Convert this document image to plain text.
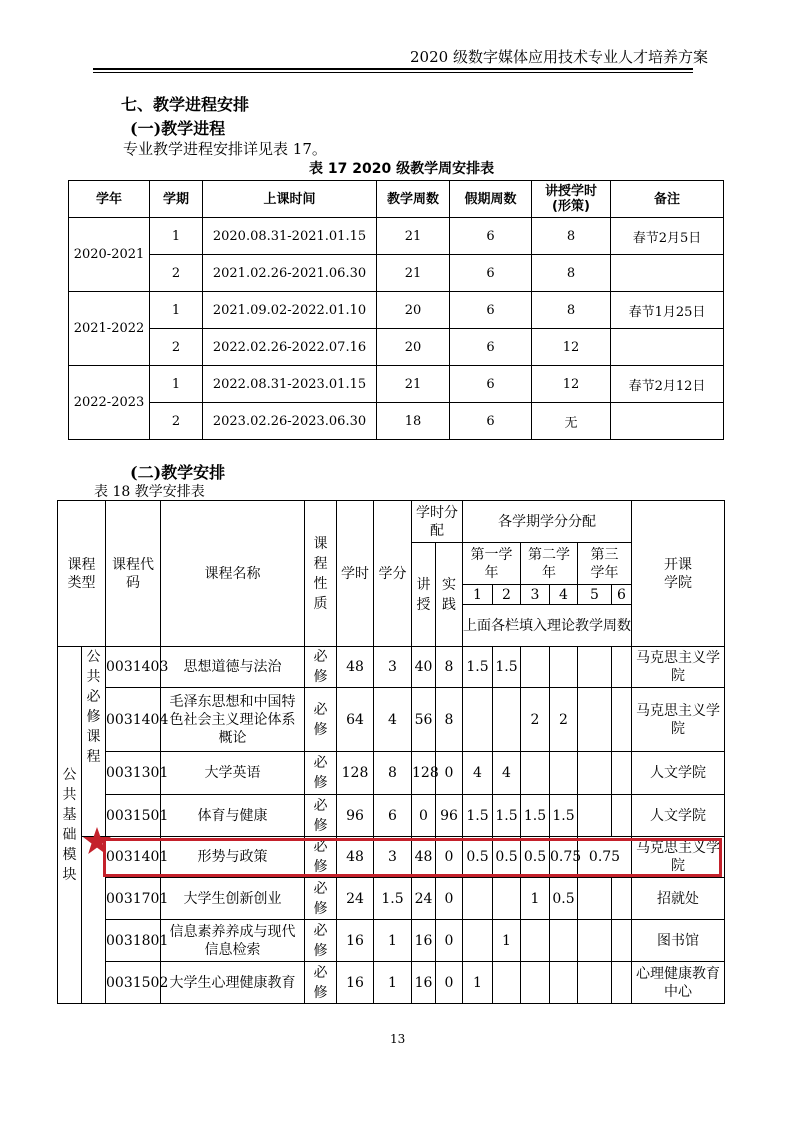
2020 级数字媒体应用技术专业人才培养方案
七、教学进程安排
(一)教学进程
专业教学进程安排详见表 17。
表 17 2020 级教学周安排表
学年	学期	上课时间	教学周数	假期周数	讲授学时
(形策)	备注
2020-2021	1	2020.08.31-2021.01.15	21	6	8	春节2月5日
	2	2021.02.26-2021.06.30	21	6	8	
2021-2022	1	2021.09.02-2022.01.10	20	6	8	春节1月25日
	2	2022.02.26-2022.07.16	20	6	12	
2022-2023	1	2022.08.31-2023.01.15	21	6	12	春节2月12日
	2	2023.02.26-2023.06.30	18	6	无	
(二)教学安排
表 18 教学安排表
课程类型		课程代码	课程名称	课程性质	学时	学分	学时分配		各学期学分分配						开课学院

							讲授	实践	第一学年		第二学年		第三学年		
									1	2	3	4	5	6	
									上面各栏填入理论教学周数						

公共基础模块	公共必修课程	0031403	思想道德与法治	必修	48	3	40	8	1.5	1.5					马克思主义学院
		0031404	毛泽东思想和中国特色社会主义理论体系概论	必修	64	4	56	8			2	2			马克思主义学院
		0031301	大学英语	必修	128	8	128	0	4	4					人文学院
		0031501	体育与健康	必修	96	6	0	96	1.5	1.5	1.5	1.5			人文学院
		0031401	形势与政策	必修	48	3	48	0	0.5	0.5	0.5	0.75	0.75		马克思主义学院
		0031701	大学生创新创业	必修	24	1.5	24	0			1	0.5			招就处
		0031801	信息素养养成与现代信息检索	必修	16	1	16	0		1					图书馆
		0031502	大学生心理健康教育	必修	16	1	16	0	1						心理健康教育中心
13
